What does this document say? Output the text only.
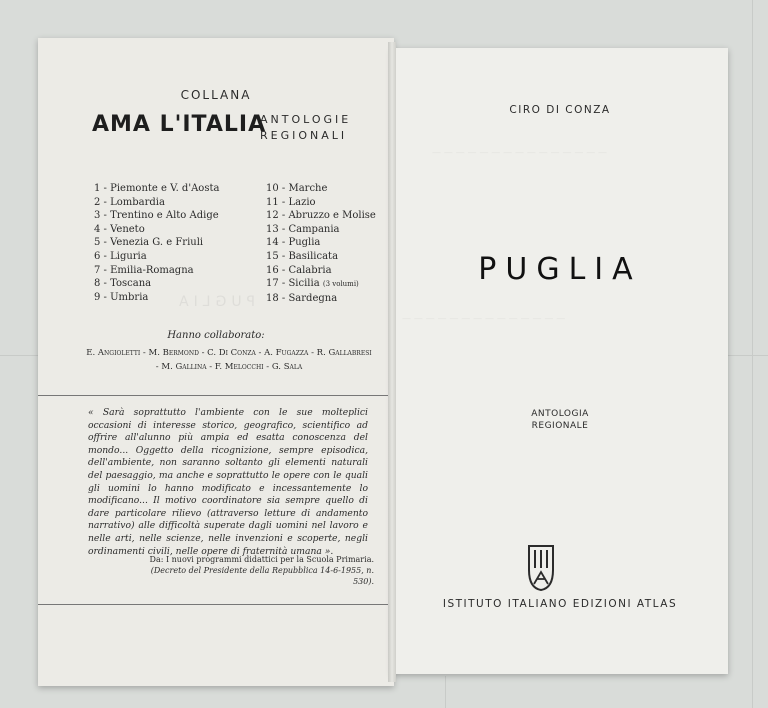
COLLANA
AMA L'ITALIA
ANTOLOGIE
REGIONALI
1 - Piemonte e V. d'Aosta
2 - Lombardia
3 - Trentino e Alto Adige
4 - Veneto
5 - Venezia G. e Friuli
6 - Liguria
7 - Emilia-Romagna
8 - Toscana
9 - Umbria
10 - Marche
11 - Lazio
12 - Abruzzo e Molise
13 - Campania
14 - Puglia
15 - Basilicata
16 - Calabria
17 - Sicilia (3 volumi)
18 - Sardegna
PUGLIA
Hanno collaborato:
E. Angioletti - M. Bermond - C. Di Conza - A. Fugazza - R. Gallabresi - M. Gallina - F. Melocchi - G. Sala
« Sarà soprattutto l'ambiente con le sue molteplici occasioni di interesse storico, geografico, scientifico ad offrire all'alunno più ampia ed esatta conoscenza del mondo... Oggetto della ricognizione, sempre episodica, dell'ambiente, non saranno soltanto gli elementi naturali del paesaggio, ma anche e soprattutto le opere con le quali gli uomini lo hanno modificato e incessantemente lo modificano... Il motivo coordinatore sia sempre quello di dare particolare rilievo (attraverso letture di andamento narrativo) alle difficoltà superate dagli uomini nel lavoro e nelle arti, nelle scienze, nelle invenzioni e scoperte, negli ordinamenti civili, nelle opere di fraternità umana ».
Da: I nuovi programmi didattici per la Scuola Primaria.
(Decreto del Presidente della Repubblica 14-6-1955, n. 530).
CIRO DI CONZA
— — — — — — — — — — — — — — —
PUGLIA
— — — — — — — — — — — — — —
ANTOLOGIA
REGIONALE
ISTITUTO ITALIANO EDIZIONI ATLAS
